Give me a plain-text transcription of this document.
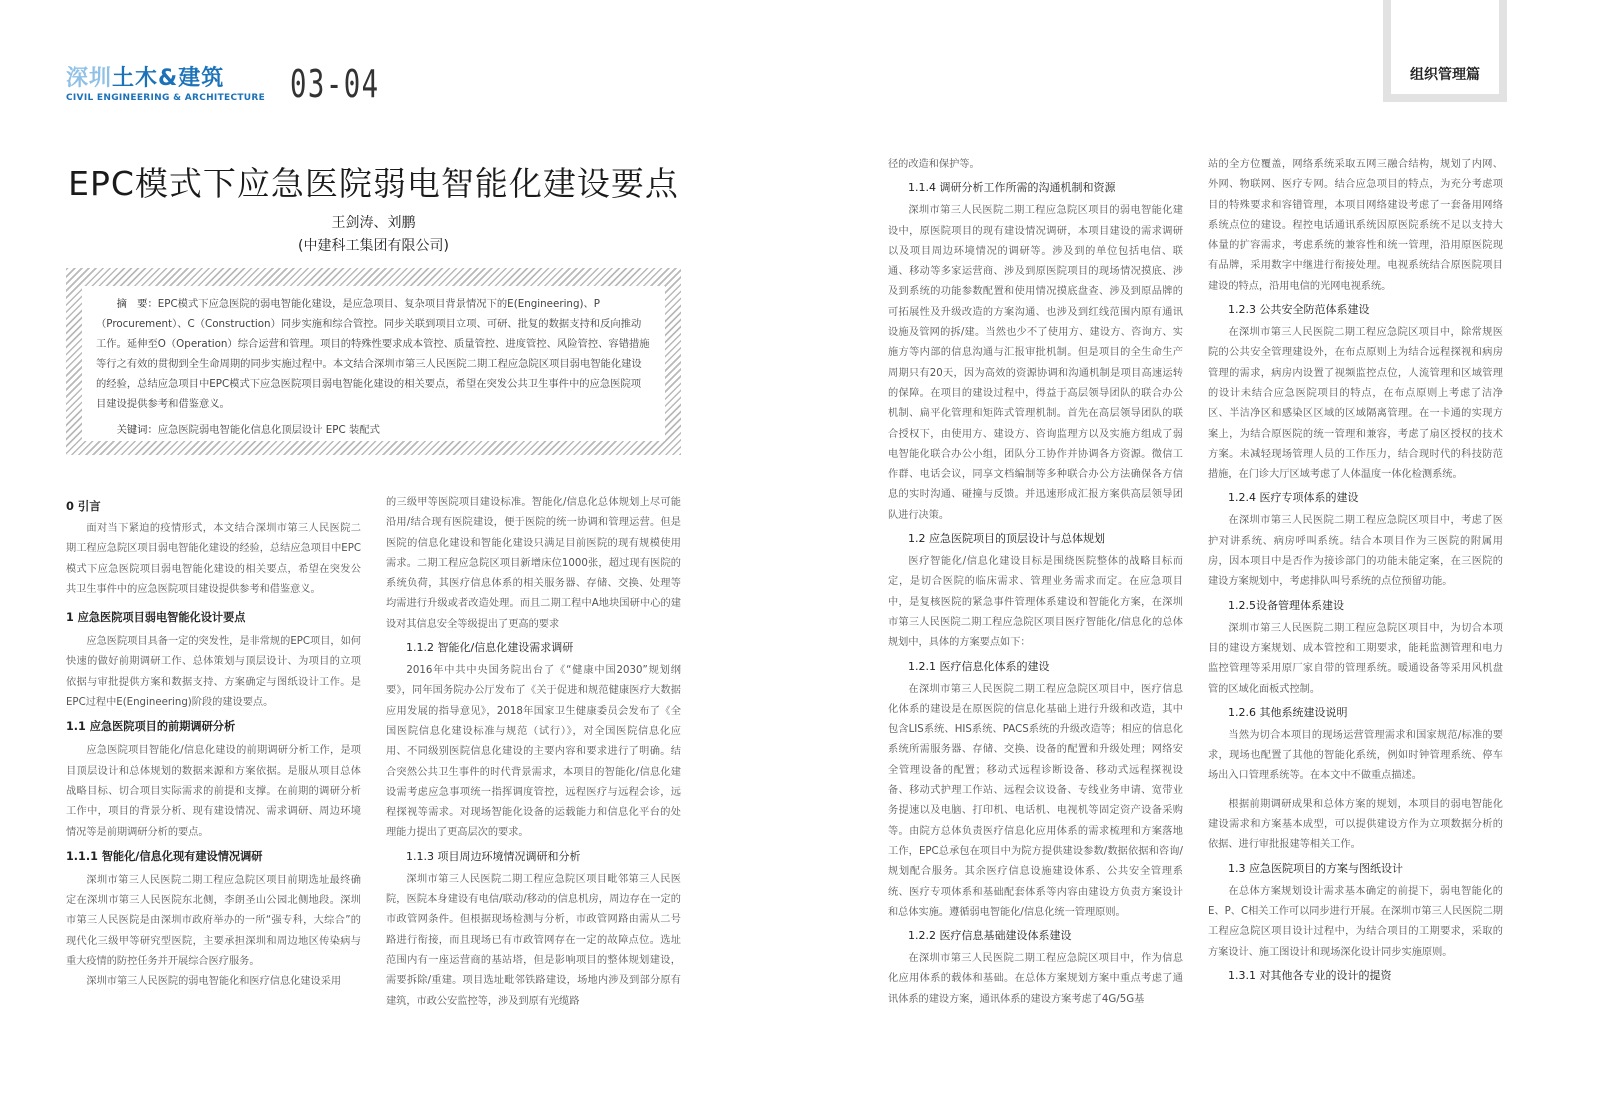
深圳土木&建筑
CIVIL ENGINEERING & ARCHITECTURE 03-04
EPC模式下应急医院弱电智能化建设要点
王剑涛、刘鹏
(中建科工集团有限公司)

摘　要：EPC模式下应急医院的弱电智能化建设，是应急项目、复杂项目背景情况下的E(Engineering)、P（Procurement）、C（Construction）同步实施和综合管控。同步关联到项目立项、可研、批复的数据支持和反向推动工作。延伸至O（Operation）综合运营和管理。项目的特殊性要求成本管控、质量管控、进度管控、风险管控、容错措施等行之有效的贯彻到全生命周期的同步实施过程中。本文结合深圳市第三人民医院二期工程应急院区项目弱电智能化建设的经验，总结应急项目中EPC模式下应急医院项目弱电智能化建设的相关要点，希望在突发公共卫生事件中的应急医院项目建设提供参考和借鉴意义。

关键词：应急医院弱电智能化信息化顶层设计 EPC 装配式

0 引言

面对当下紧迫的疫情形式，本文结合深圳市第三人民医院二期工程应急院区项目弱电智能化建设的经验，总结应急项目中EPC模式下应急医院项目弱电智能化建设的相关要点，希望在突发公共卫生事件中的应急医院项目建设提供参考和借鉴意义。

1 应急医院项目弱电智能化设计要点

应急医院项目具备一定的突发性，是非常规的EPC项目，如何快速的做好前期调研工作、总体策划与顶层设计、为项目的立项依据与审批提供方案和数据支持、方案确定与图纸设计工作。是EPC过程中E(Engineering)阶段的建设要点。

1.1 应急医院项目的前期调研分析

应急医院项目智能化/信息化建设的前期调研分析工作，是项目顶层设计和总体规划的数据来源和方案依据。是服从项目总体战略目标、切合项目实际需求的前提和支撑。在前期的调研分析工作中，项目的背景分析、现有建设情况、需求调研、周边环境情况等是前期调研分析的要点。

1.1.1 智能化/信息化现有建设情况调研

深圳市第三人民医院二期工程应急院区项目前期选址最终确定在深圳市第三人民医院东北侧，李朗圣山公园北侧地段。深圳市第三人民医院是由深圳市政府举办的一所“强专科，大综合”的现代化三级甲等研究型医院，主要承担深圳和周边地区传染病与重大疫情的防控任务并开展综合医疗服务。

深圳市第三人民医院的弱电智能化和医疗信息化建设采用

的三级甲等医院项目建设标准。智能化/信息化总体规划上尽可能沿用/结合现有医院建设，便于医院的统一协调和管理运营。但是医院的信息化建设和智能化建设只满足目前医院的现有规模使用需求。二期工程应急院区项目新增床位1000张，超过现有医院的系统负荷，其医疗信息体系的相关服务器、存储、交换、处理等均需进行升级或者改造处理。而且二期工程中A地块国研中心的建设对其信息安全等级提出了更高的要求

1.1.2 智能化/信息化建设需求调研

2016年中共中央国务院出台了《“健康中国2030”规划纲要》，同年国务院办公厅发布了《关于促进和规范健康医疗大数据应用发展的指导意见》，2018年国家卫生健康委员会发布了《全国医院信息化建设标准与规范（试行）》，对全国医院信息化应用、不同级别医院信息化建设的主要内容和要求进行了明确。结合突然公共卫生事件的时代背景需求，本项目的智能化/信息化建设需考虑应急事项统一指挥调度管控，远程医疗与远程会诊，远程探视等需求。对现场智能化设备的运载能力和信息化平台的处理能力提出了更高层次的要求。

1.1.3 项目周边环境情况调研和分析

深圳市第三人民医院二期工程应急院区项目毗邻第三人民医院，医院本身建设有电信/联动/移动的信息机房，周边存在一定的市政管网条件。但根据现场检测与分析，市政管网路由需从二号路进行衔接，而且现场已有市政管网存在一定的故障点位。选址范围内有一座运营商的基站塔，但是影响项目的整体规划建设，需要拆除/重建。项目选址毗邻铁路建设，场地内涉及到部分原有建筑，市政公安监控等，涉及到原有光缆路

组织管理篇

径的改造和保护等。

1.1.4 调研分析工作所需的沟通机制和资源

深圳市第三人民医院二期工程应急院区项目的弱电智能化建设中，原医院项目的现有建设情况调研，本项目建设的需求调研以及项目周边环境情况的调研等。涉及到的单位包括电信、联通、移动等多家运营商、涉及到原医院项目的现场情况摸底、涉及到系统的功能参数配置和使用情况摸底盘查、涉及到原品牌的可拓展性及升级改造的方案沟通、也涉及到红线范围内原有通讯设施及管网的拆/建。当然也少不了使用方、建设方、咨询方、实施方等内部的信息沟通与汇报审批机制。但是项目的全生命生产周期只有20天，因为高效的资源协调和沟通机制是项目高速运转的保障。在项目的建设过程中，得益于高层领导团队的联合办公机制、扁平化管理和矩阵式管理机制。首先在高层领导团队的联合授权下，由使用方、建设方、咨询监理方以及实施方组成了弱电智能化联合办公小组，团队分工协作并协调各方资源。微信工作群、电话会议，同享文档编制等多种联合办公方法确保各方信息的实时沟通、碰撞与反馈。并迅速形成汇报方案供高层领导团队进行决策。

1.2 应急医院项目的顶层设计与总体规划

医疗智能化/信息化建设目标是围绕医院整体的战略目标而定，是切合医院的临床需求、管理业务需求而定。在应急项目中，是复核医院的紧急事件管理体系建设和智能化方案，在深圳市第三人民医院二期工程应急院区项目医疗智能化/信息化的总体规划中，具体的方案要点如下：

1.2.1 医疗信息化体系的建设

在深圳市第三人民医院二期工程应急院区项目中，医疗信息化体系的建设是在原医院的信息化基础上进行升级和改造，其中包含LIS系统、HIS系统、PACS系统的升级改造等；相应的信息化系统所需服务器、存储、交换、设备的配置和升级处理；网络安全管理设备的配置；移动式远程诊断设备、移动式远程探视设备、移动式护理工作站、远程会议设备、专线业务申请、宽带业务提速以及电脑、打印机、电话机、电视机等固定资产设备采购等。由院方总体负责医疗信息化应用体系的需求梳理和方案落地工作，EPC总承包在项目中为院方提供建设参数/数据依据和咨询/规划配合服务。其余医疗信息设施建设体系、公共安全管理系统、医疗专项体系和基础配套体系等内容由建设方负责方案设计和总体实施。遵循弱电智能化/信息化统一管理原则。

1.2.2 医疗信息基础建设体系建设

在深圳市第三人民医院二期工程应急院区项目中，作为信息化应用体系的载体和基础。在总体方案规划方案中重点考虑了通讯体系的建设方案，通讯体系的建设方案考虑了4G/5G基

站的全方位覆盖，网络系统采取五网三融合结构，规划了内网、外网、物联网、医疗专网。结合应急项目的特点，为充分考虑项目的特殊要求和容错管理，本项目网络建设考虑了一套备用网络系统点位的建设。程控电话通讯系统因原医院系统不足以支持大体量的扩容需求，考虑系统的兼容性和统一管理，沿用原医院现有品牌，采用数字中继进行衔接处理。电视系统结合原医院项目建设的特点，沿用电信的光网电视系统。

1.2.3 公共安全防范体系建设

在深圳市第三人民医院二期工程应急院区项目中，除常规医院的公共安全管理建设外，在布点原则上为结合远程探视和病房管理的需求，病房内设置了视频监控点位，人流管理和区域管理的设计未结合应急医院项目的特点，在布点原则上考虑了洁净区、半洁净区和感染区区域的区域隔离管理。在一卡通的实现方案上，为结合原医院的统一管理和兼容，考虑了扇区授权的技术方案。未减轻现场管理人员的工作压力，结合现时代的科技防范措施，在门诊大厅区域考虑了人体温度一体化检测系统。

1.2.4 医疗专项体系的建设

在深圳市第三人民医院二期工程应急院区项目中，考虑了医护对讲系统、病房呼叫系统。结合本项目作为三医院的附属用房，因本项目中是否作为接诊部门的功能未能定案，在三医院的建设方案规划中，考虑排队叫号系统的点位预留功能。

1.2.5设备管理体系建设

深圳市第三人民医院二期工程应急院区项目中，为切合本项目的建设方案规划、成本管控和工期要求，能耗监测管理和电力监控管理等采用原厂家自带的管理系统。暖通设备等采用风机盘管的区域化面板式控制。

1.2.6 其他系统建设说明

当然为切合本项目的现场运营管理需求和国家规范/标准的要求，现场也配置了其他的智能化系统，例如时钟管理系统、停车场出入口管理系统等。在本文中不做重点描述。

根据前期调研成果和总体方案的规划，本项目的弱电智能化建设需求和方案基本成型，可以提供建设方作为立项数据分析的依据、进行审批报建等相关工作。

1.3 应急医院项目的方案与图纸设计

在总体方案规划设计需求基本确定的前提下，弱电智能化的E、P、C相关工作可以同步进行开展。在深圳市第三人民医院二期工程应急院区项目设计过程中，为结合项目的工期要求，采取的方案设计、施工图设计和现场深化设计同步实施原则。

1.3.1 对其他各专业的设计的提资
